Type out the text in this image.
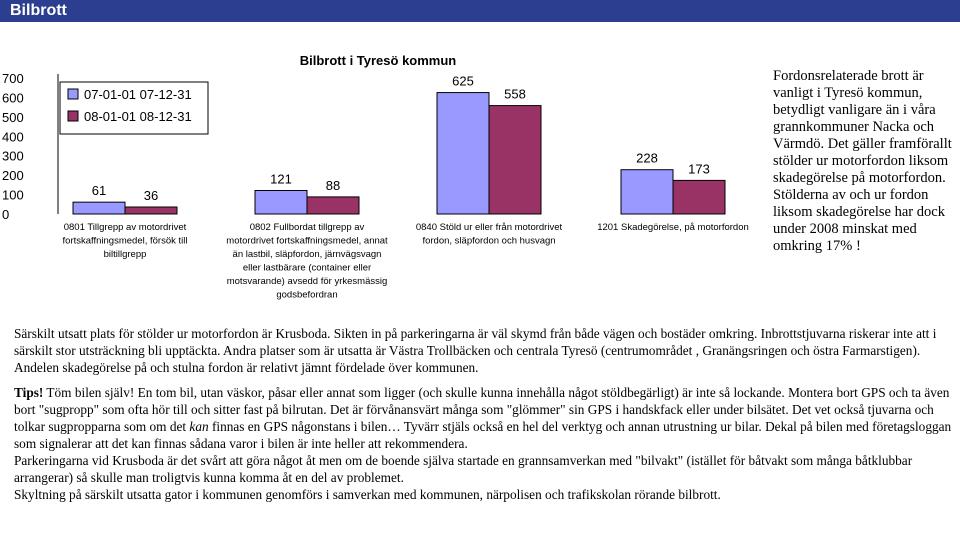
Bilbrott
Bilbrott i Tyresö kommun
0
100
200
300
400
500
600
700
61
121
625
228
36
88
558
173
0801 Tillgrepp av motordrivet
fortskaffningsmedel, försök till
biltillgrepp
0802 Fullbordat tillgrepp av
motordrivet fortskaffningsmedel, annat
än lastbil, släpfordon, järnvägsvagn
eller lastbärare (container eller
motsvarande) avsedd för yrkesmässig
godsbefordran
0840 Stöld ur eller från motordrivet
fordon, släpfordon och husvagn
1201 Skadegörelse, på motorfordon
07-01-01 07-12-31
08-01-01 08-12-31
Fordonsrelaterade brott är vanligt i Tyresö kommun, betydligt vanligare än i våra grannkommuner Nacka och Värmdö. Det gäller framförallt stölder ur motorfordon liksom skadegörelse på motorfordon. Stölderna av och ur fordon liksom skadegörelse har dock under 2008 minskat med omkring 17% !

Särskilt utsatt plats för stölder ur motorfordon är Krusboda. Sikten in på parkeringarna är väl skymd från både vägen och bostäder omkring. Inbrottstjuvarna riskerar inte att i särskilt stor utsträckning bli upptäckta. Andra platser som är utsatta är Västra Trollbäcken och centrala Tyresö (centrumområdet , Granängsringen och östra Farmarstigen).

Andelen skadegörelse på och stulna fordon är relativt jämnt fördelade över kommunen.

Tips! Töm bilen själv! En tom bil, utan väskor, påsar eller annat som ligger (och skulle kunna innehålla något stöldbegärligt) är inte så lockande. Montera bort GPS och ta även bort "sugpropp" som ofta hör till och sitter fast på bilrutan. Det är förvånansvärt många som "glömmer" sin GPS i handskfack eller under bilsätet. Det vet också tjuvarna och tolkar sugpropparna som om det kan finnas en GPS någonstans i bilen… Tyvärr stjäls också en hel del verktyg och annan utrustning ur bilar. Dekal på bilen med företagsloggan som signalerar att det kan finnas sådana varor i bilen är inte heller att rekommendera.

Parkeringarna vid Krusboda är det svårt att göra något åt men om de boende själva startade en grannsamverkan med "bilvakt" (istället för båtvakt som många båtklubbar arrangerar) så skulle man troligtvis kunna komma åt en del av problemet.

Skyltning på särskilt utsatta gator i kommunen genomförs i samverkan med kommunen, närpolisen och trafikskolan rörande bilbrott.
